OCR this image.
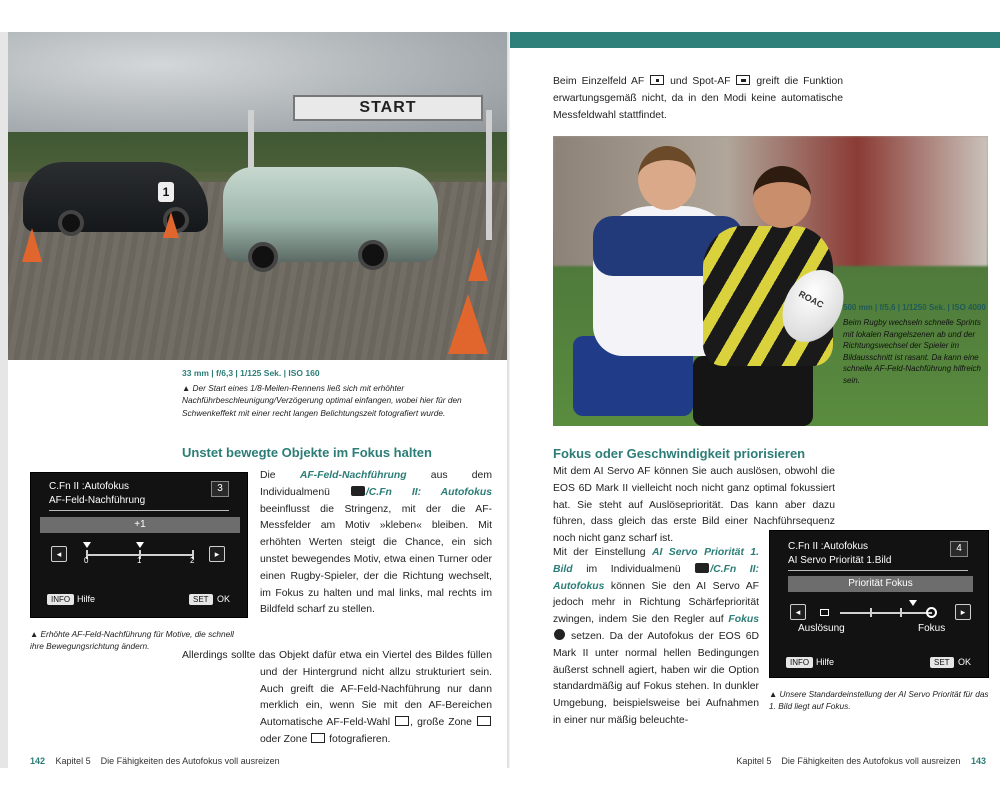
START
1
33 mm | f/6,3 | 1/125 Sek. | ISO 160
▲ Der Start eines 1/8-Meilen-Rennens ließ sich mit erhöhter Nachführbeschleunigung/Verzögerung optimal einfangen, wobei hier für den Schwenkeffekt mit einer recht langen Belichtungszeit fotografiert wurde.
Unstet bewegte Objekte im Fokus halten
C.Fn II :Autofokus
AF-Feld-Nachführung
3
+1
◂	▸
0	1	2
INFO Hilfe	SET OK
▲ Erhöhte AF-Feld-Nachführung für Motive, die schnell ihre Bewegungsrichtung ändern.
Die AF-Feld-Nachführung aus dem Individualmenü /C.Fn II: Autofokus beeinflusst die Stringenz, mit der die AF-Messfelder am Motiv »kleben« bleiben. Mit erhöhten Werten steigt die Chance, ein sich unstet bewegendes Motiv, etwa einen Turner oder einen Rugby-Spieler, der die Richtung wechselt, im Fokus zu halten und mal links, mal rechts im Bildfeld scharf zu stellen.
Allerdings sollte das Objekt dafür etwa ein Viertel des Bildes füllen und der Hintergrund nicht allzu strukturiert sein. Auch greift die AF-Feld-Nachführung nur dann merklich ein, wenn Sie mit den AF-Bereichen Automatische AF-Feld-Wahl , große Zone  oder Zone  fotografieren.
142 Kapitel 5    Die Fähigkeiten des Autofokus voll ausreizen
Beim Einzelfeld AF  und Spot-AF  greift die Funktion erwartungsgemäß nicht, da in den Modi keine automatische Messfeldwahl stattfindet.
ROAC 500 mm | f/5,6 | 1/1250 Sek. | ISO 4000
Beim Rugby wechseln schnelle Sprints mit lokalen Rangelszenen ab und der Richtungswechsel der Spieler im Bildausschnitt ist rasant. Da kann eine schnelle AF-Feld-Nachführung hilfreich sein.
Fokus oder Geschwindigkeit priorisieren
Mit dem AI Servo AF können Sie auch auslösen, obwohl die EOS 6D Mark II vielleicht noch nicht ganz optimal fokussiert hat. Sie steht auf Auslösepriorität. Das kann aber dazu führen, dass gleich das erste Bild einer Nachführsequenz noch nicht ganz scharf ist.
Mit der Einstellung AI Servo Priorität 1. Bild im Individualmenü /C.Fn II: Autofokus können Sie den AI Servo AF jedoch mehr in Richtung Schärfepriorität zwingen, indem Sie den Regler auf Fokus setzen. Da der Autofokus der EOS 6D Mark II unter normal hellen Bedingungen äußerst schnell agiert, haben wir die Option standardmäßig auf Fokus stehen. In dunkler Umgebung, beispielsweise bei Aufnahmen in einer nur mäßig beleuchte-
C.Fn II :Autofokus
AI Servo Priorität 1.Bild
4
Priorität Fokus
◂	▸
Auslösung	Fokus
INFO Hilfe	SET OK
▲ Unsere Standardeinstellung der AI Servo Priorität für das 1. Bild liegt auf Fokus.
Kapitel 5    Die Fähigkeiten des Autofokus voll ausreizen 143
